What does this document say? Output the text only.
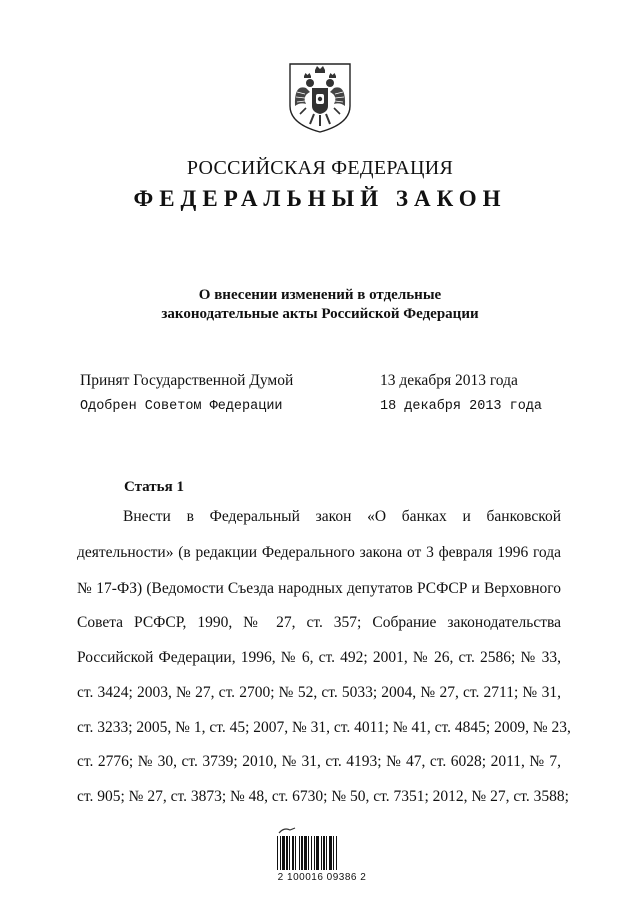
РОССИЙСКАЯ ФЕДЕРАЦИЯ
ФЕДЕРАЛЬНЫЙ ЗАКОН
О внесении изменений в отдельные
законодательные акты Российской Федерации
Принят Государственной Думой	13 декабря 2013 года
Одобрен Советом Федерации	18 декабря 2013 года
Статья 1
Внести в Федеральный закон «О банках и банковской
деятельности» (в редакции Федерального закона от 3 февраля 1996 года
№ 17-ФЗ) (Ведомости Съезда народных депутатов РСФСР и Верховного
Совета РСФСР, 1990, № 27, ст. 357; Собрание законодательства
Российской Федерации, 1996, № 6, ст. 492; 2001, № 26, ст. 2586; № 33,
ст. 3424; 2003, № 27, ст. 2700; № 52, ст. 5033; 2004, № 27, ст. 2711; № 31,
ст. 3233; 2005, № 1, ст. 45; 2007, № 31, ст. 4011; № 41, ст. 4845; 2009, № 23,
ст. 2776; № 30, ст. 3739; 2010, № 31, ст. 4193; № 47, ст. 6028; 2011, № 7,
ст. 905; № 27, ст. 3873; № 48, ст. 6730; № 50, ст. 7351; 2012, № 27, ст. 3588;
2 100016 09386 2
